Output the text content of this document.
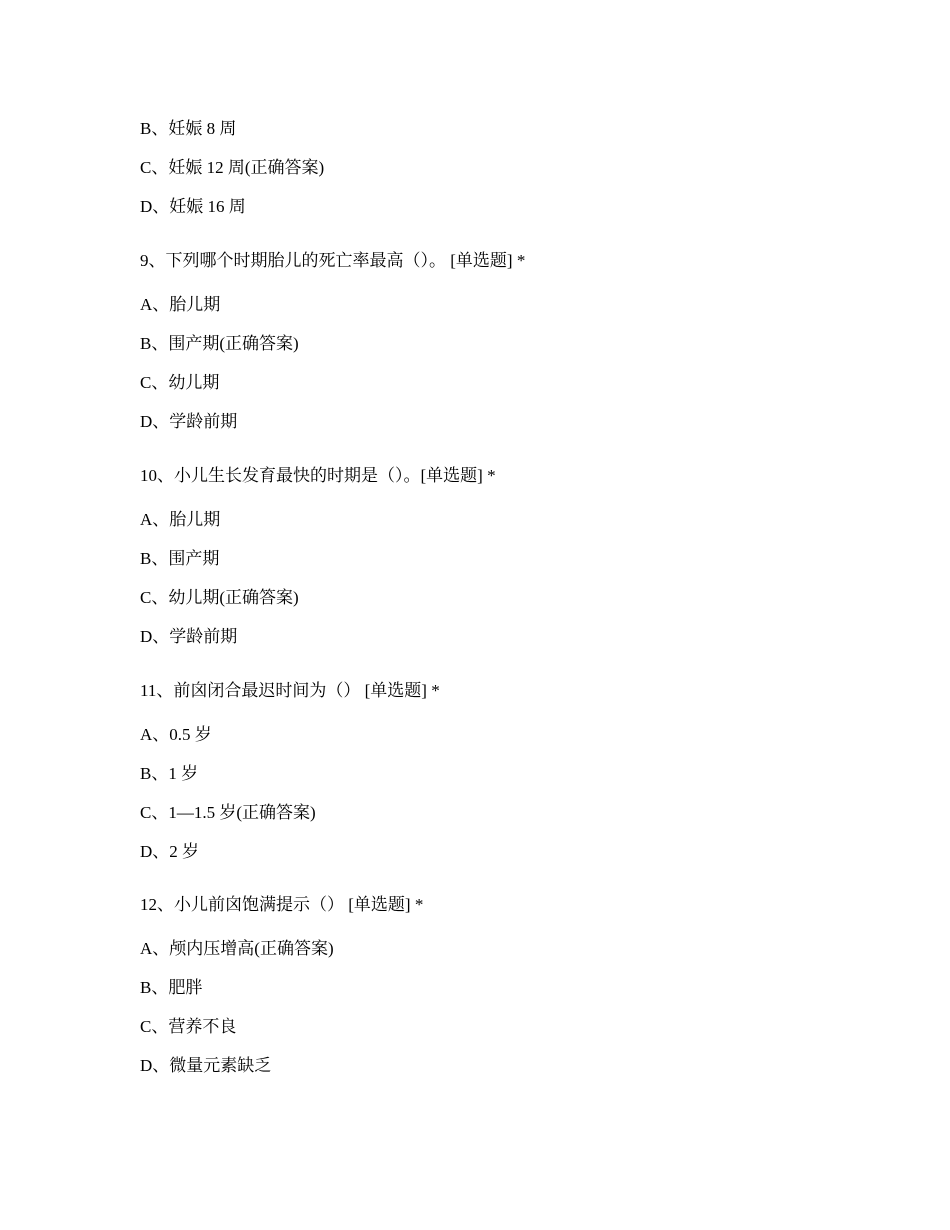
B、妊娠 8 周
C、妊娠 12 周(正确答案)
D、妊娠 16 周
9、下列哪个时期胎儿的死亡率最高（）。 [单选题] *
A、胎儿期
B、围产期(正确答案)
C、幼儿期
D、学龄前期
10、小儿生长发育最快的时期是（）。[单选题] *
A、胎儿期
B、围产期
C、幼儿期(正确答案)
D、学龄前期
11、前囟闭合最迟时间为（） [单选题] *
A、0.5 岁
B、1 岁
C、1—1.5 岁(正确答案)
D、2 岁
12、小儿前囟饱满提示（） [单选题] *
A、颅内压增高(正确答案)
B、肥胖
C、营养不良
D、微量元素缺乏
